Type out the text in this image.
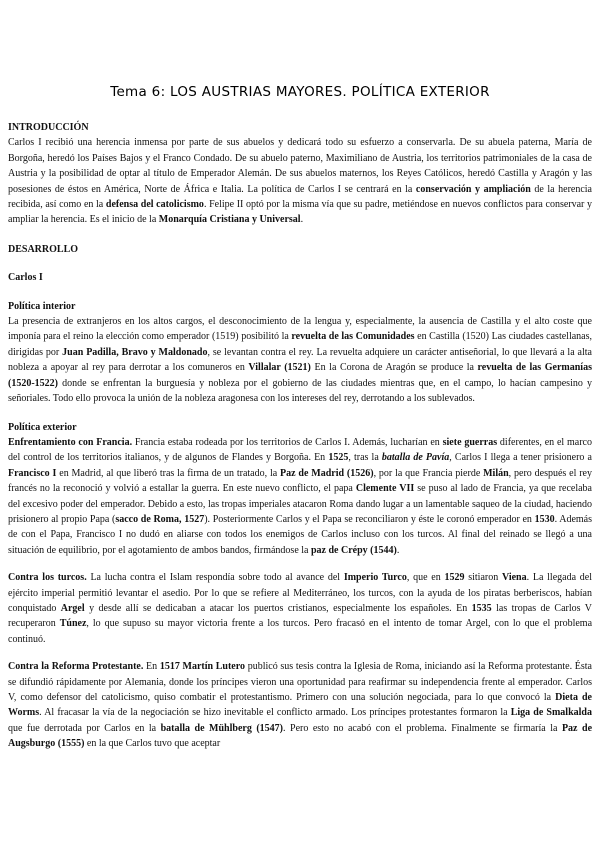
Tema 6: LOS AUSTRIAS MAYORES. POLÍTICA EXTERIOR
INTRODUCCIÓN

Carlos I recibió una herencia inmensa por parte de sus abuelos y dedicará todo su esfuerzo a conservarla. De su abuela paterna, María de Borgoña, heredó los Países Bajos y el Franco Condado. De su abuelo paterno, Maximiliano de Austria, los territorios patrimoniales de la casa de Austria y la posibilidad de optar al título de Emperador Alemán. De sus abuelos maternos, los Reyes Católicos, heredó Castilla y Aragón y las posesiones de éstos en América, Norte de África e Italia. La política de Carlos I se centrará en la conservación y ampliación de la herencia recibida, así como en la defensa del catolicismo. Felipe II optó por la misma vía que su padre, metiéndose en nuevos conflictos para conservar y ampliar la herencia. Es el inicio de la Monarquía Cristiana y Universal.

DESARROLLO
Carlos I
Política interior

La presencia de extranjeros en los altos cargos, el desconocimiento de la lengua y, especialmente, la ausencia de Castilla y el alto coste que imponía para el reino la elección como emperador (1519) posibilitó la revuelta de las Comunidades en Castilla (1520) Las ciudades castellanas, dirigidas por Juan Padilla, Bravo y Maldonado, se levantan contra el rey. La revuelta adquiere un carácter antiseñorial, lo que llevará a la alta nobleza a apoyar al rey para derrotar a los comuneros en Villalar (1521) En la Corona de Aragón se produce la revuelta de las Germanías (1520-1522) donde se enfrentan la burguesía y nobleza por el gobierno de las ciudades mientras que, en el campo, lo hacían campesino y señoriales. Todo ello provoca la unión de la nobleza aragonesa con los intereses del rey, derrotando a los sublevados.

Política exterior

Enfrentamiento con Francia. Francia estaba rodeada por los territorios de Carlos I. Además, lucharían en siete guerras diferentes, en el marco del control de los territorios italianos, y de algunos de Flandes y Borgoña. En 1525, tras la batalla de Pavía, Carlos I llega a tener prisionero a Francisco I en Madrid, al que liberó tras la firma de un tratado, la Paz de Madrid (1526), por la que Francia pierde Milán, pero después el rey francés no la reconoció y volvió a estallar la guerra. En este nuevo conflicto, el papa Clemente VII se puso al lado de Francia, ya que recelaba del excesivo poder del emperador. Debido a esto, las tropas imperiales atacaron Roma dando lugar a un lamentable saqueo de la ciudad, haciendo prisionero al propio Papa (sacco de Roma, 1527). Posteriormente Carlos y el Papa se reconciliaron y éste le coronó emperador en 1530. Además de con el Papa, Francisco I no dudó en aliarse con todos los enemigos de Carlos incluso con los turcos. Al final del reinado se llegó a una situación de equilibrio, por el agotamiento de ambos bandos, firmándose la paz de Crépy (1544).

Contra los turcos. La lucha contra el Islam respondía sobre todo al avance del Imperio Turco, que en 1529 sitiaron Viena. La llegada del ejército imperial permitió levantar el asedio. Por lo que se refiere al Mediterráneo, los turcos, con la ayuda de los piratas berberiscos, habían conquistado Argel y desde allí se dedicaban a atacar los puertos cristianos, especialmente los españoles. En 1535 las tropas de Carlos V recuperaron Túnez, lo que supuso su mayor victoria frente a los turcos. Pero fracasó en el intento de tomar Argel, con lo que el problema continuó.

Contra la Reforma Protestante. En 1517 Martín Lutero publicó sus tesis contra la Iglesia de Roma, iniciando así la Reforma protestante. Ésta se difundió rápidamente por Alemania, donde los príncipes vieron una oportunidad para reafirmar su independencia frente al emperador. Carlos V, como defensor del catolicismo, quiso combatir el protestantismo. Primero con una solución negociada, para lo que convocó la Dieta de Worms. Al fracasar la vía de la negociación se hizo inevitable el conflicto armado. Los príncipes protestantes formaron la Liga de Smalkalda que fue derrotada por Carlos en la batalla de Mühlberg (1547). Pero esto no acabó con el problema. Finalmente se firmaría la Paz de Augsburgo (1555) en la que Carlos tuvo que aceptar
